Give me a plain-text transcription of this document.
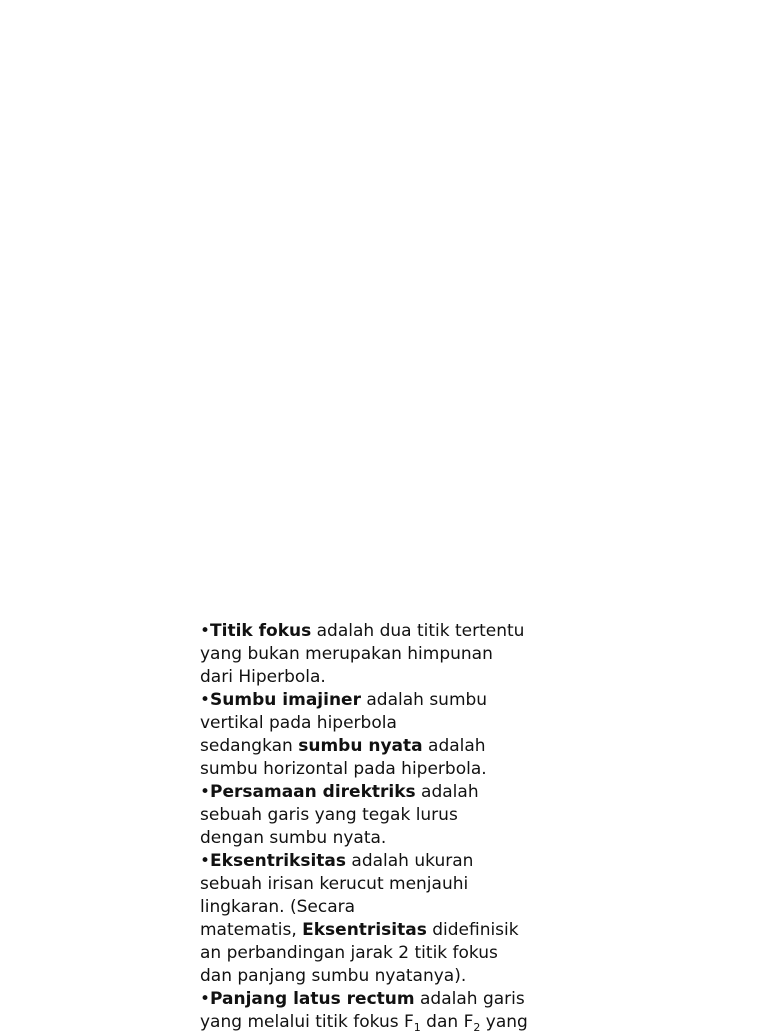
•Titik fokus adalah dua titik tertentu
yang bukan merupakan himpunan
dari Hiperbola.
•Sumbu imajiner adalah sumbu
vertikal pada hiperbola
sedangkan sumbu nyata adalah
sumbu horizontal pada hiperbola.
•Persamaan direktriks adalah
sebuah garis yang tegak lurus
dengan sumbu nyata.
•Eksentriksitas adalah ukuran
sebuah irisan kerucut menjauhi
lingkaran. (Secara
matematis, Eksentrisitas didefinisik
an perbandingan jarak 2 titik fokus
dan panjang sumbu nyatanya).
•Panjang latus rectum adalah garis
yang melalui titik fokus $F_1$ dan $F_2$ yang
